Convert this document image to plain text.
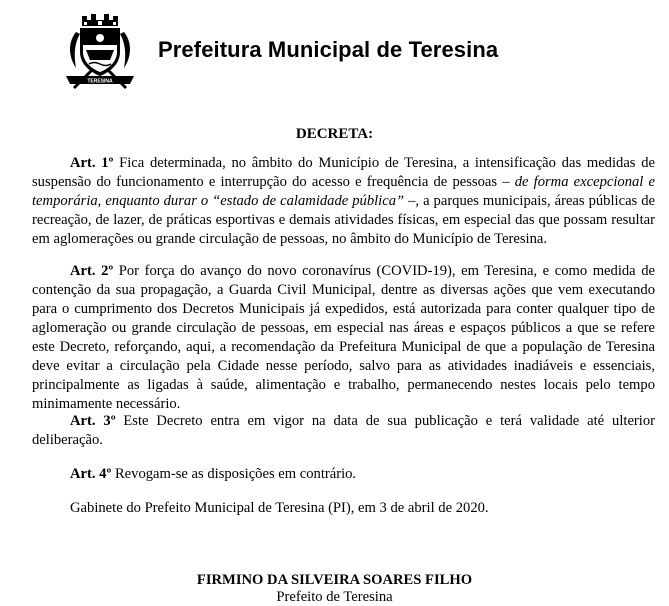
TERESINA
Prefeitura Municipal de Teresina
DECRETA:

Art. 1º Fica determinada, no âmbito do Município de Teresina, a intensificação das medidas de suspensão do funcionamento e interrupção do acesso e frequência de pessoas – de forma excepcional e temporária, enquanto durar o “estado de calamidade pública” –, a parques municipais, áreas públicas de recreação, de lazer, de práticas esportivas e demais atividades físicas, em especial das que possam resultar em aglomerações ou grande circulação de pessoas, no âmbito do Município de Teresina.

Art. 2º Por força do avanço do novo coronavírus (COVID-19), em Teresina, e como medida de contenção da sua propagação, a Guarda Civil Municipal, dentre as diversas ações que vem executando para o cumprimento dos Decretos Municipais já expedidos, está autorizada para conter qualquer tipo de aglomeração ou grande circulação de pessoas, em especial nas áreas e espaços públicos a que se refere este Decreto, reforçando, aqui, a recomendação da Prefeitura Municipal de que a população de Teresina deve evitar a circulação pela Cidade nesse período, salvo para as atividades inadiáveis e essenciais, principalmente as ligadas à saúde, alimentação e trabalho, permanecendo nestes locais pelo tempo minimamente necessário.

Art. 3º Este Decreto entra em vigor na data de sua publicação e terá validade até ulterior deliberação.

Art. 4º Revogam-se as disposições em contrário.

Gabinete do Prefeito Municipal de Teresina (PI), em 3 de abril de 2020.
FIRMINO DA SILVEIRA SOARES FILHO
Prefeito de Teresina
